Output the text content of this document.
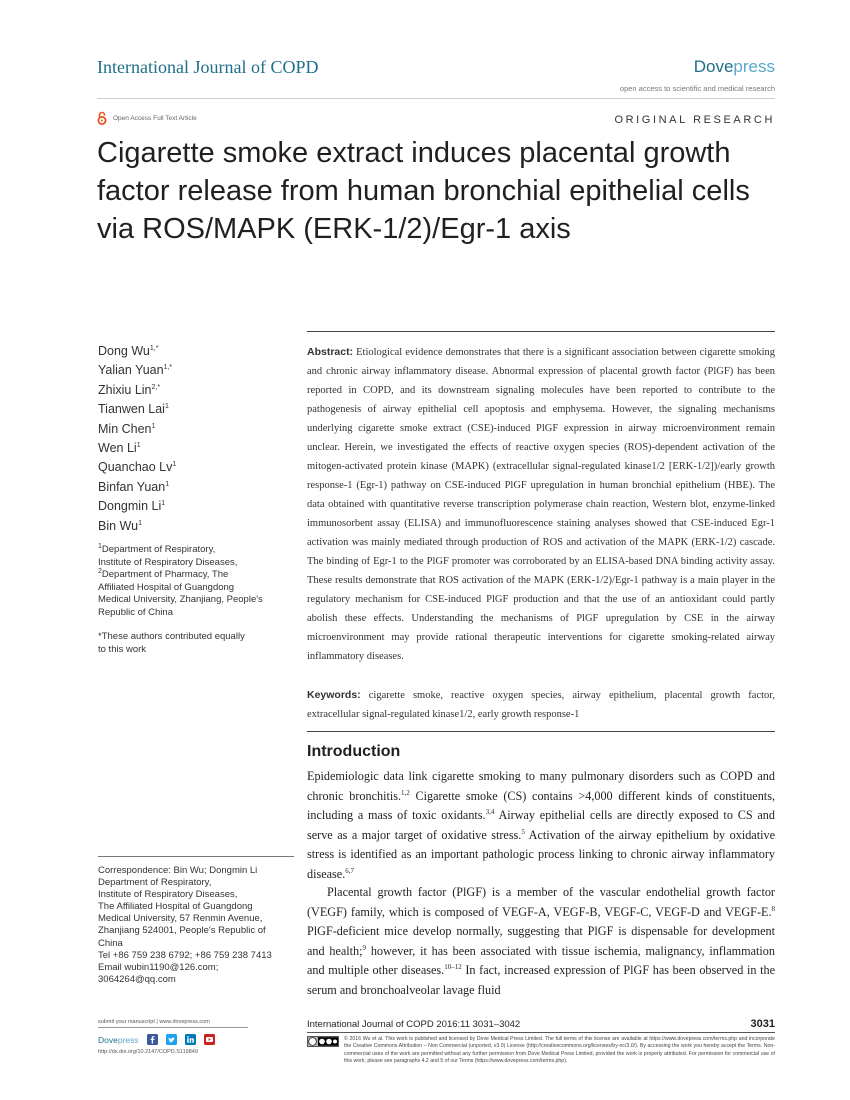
International Journal of COPD	Dovepress
open access to scientific and medical research
Open Access Full Text Article	ORIGINAL RESEARCH
Cigarette smoke extract induces placental growth factor release from human bronchial epithelial cells via ROS/MAPK (ERK-1/2)/Egr-1 axis
Dong $Wu^{1,*}$
Yalian Yuan$^{1,*}$
Zhixiu Lin$^{2,*}$
Tianwen Lai$^1$
Min Chen$^1$
Wen Li$^1$
Quanchao Lv$^1$
Binfan Yuan$^1$
Dongmin Li$^1$
Bin Wu$^1$
$^1$Department of Respiratory,
Institute of Respiratory Diseases,
$^2$Department of Pharmacy, The
Affiliated Hospital of Guangdong
Medical University, Zhanjiang, People's
Republic of China
*These authors contributed equally
to this work
Correspondence: Bin Wu; Dongmin Li
Department of Respiratory,
Institute of Respiratory Diseases,
The Affiliated Hospital of Guangdong
Medical University, 57 Renmin Avenue,
Zhanjiang 524001, People's Republic of
China
Tel +86 759 238 6792; +86 759 238 7413
Email wubin1190@126.com;
3064264@qq.com

Abstract: Etiological evidence demonstrates that there is a significant association between cigarette smoking and chronic airway inflammatory disease. Abnormal expression of placental growth factor (PlGF) has been reported in COPD, and its downstream signaling molecules have been reported to contribute to the pathogenesis of airway epithelial cell apoptosis and emphysema. However, the signaling mechanisms underlying cigarette smoke extract (CSE)-induced PlGF expression in airway microenvironment remain unclear. Herein, we investigated the effects of reactive oxygen species (ROS)-dependent activation of the mitogen-activated protein kinase (MAPK) (extracellular signal-regulated kinase1/2 [ERK-1/2])/early growth response-1 (Egr-1) pathway on CSE-induced PlGF upregulation in human bronchial epithelium (HBE). The data obtained with quantitative reverse transcription polymerase chain reaction, Western blot, enzyme-linked immunosorbent assay (ELISA) and immunofluorescence staining analyses showed that CSE-induced Egr-1 activation was mainly mediated through production of ROS and activation of the MAPK (ERK-1/2) cascade. The binding of Egr-1 to the PlGF promoter was corroborated by an ELISA-based DNA binding activity assay. These results demonstrate that ROS activation of the MAPK (ERK-1/2)/Egr-1 pathway is a main player in the regulatory mechanism for CSE-induced PlGF production and that the use of an antioxidant could partly abolish these effects. Understanding the mechanisms of PlGF upregulation by CSE in the airway microenvironment may provide rational therapeutic interventions for cigarette smoking-related airway inflammatory diseases.

Keywords: cigarette smoke, reactive oxygen species, airway epithelium, placental growth factor, extracellular signal-regulated kinase1/2, early growth response-1

Introduction

Epidemiologic data link cigarette smoking to many pulmonary disorders such as COPD and chronic bronchitis.$^{1,2}$ Cigarette smoke (CS) contains >4,000 different kinds of constituents, including a mass of toxic oxidants.$^{3,4}$ Airway epithelial cells are directly exposed to CS and serve as a major target of oxidative stress.$^5$ Activation of the airway epithelium by oxidative stress is identified as an important pathologic process linking to chronic airway inflammatory disease.$^{6,7}$

Placental growth factor (PlGF) is a member of the vascular endothelial growth factor (VEGF) family, which is composed of VEGF-A, VEGF-B, VEGF-C, VEGF-D and VEGF-E.$^8$ PlGF-deficient mice develop normally, suggesting that PlGF is dispensable for development and health;$^9$ however, it has been associated with tissue ischemia, malignancy, inflammation and multiple other diseases.$^{10-12}$ In fact, increased expression of PlGF has been observed in the serum and bronchoalveolar lavage fluid

submit your manuscript | www.dovepress.com
Dovepress
http://dx.doi.org/10.2147/COPD.S119849
International Journal of COPD 2016:11 3031–3042	3031
© 2016 Wu et al. This work is published and licensed by Dove Medical Press Limited. The full terms of this license are available at https://www.dovepress.com/terms.php and incorporate the Creative Commons Attribution – Non Commercial (unported, v3.0) License (http://creativecommons.org/licenses/by-nc/3.0/). By accessing the work you hereby accept the Terms. Non-commercial uses of the work are permitted without any further permission from Dove Medical Press Limited, provided the work is properly attributed. For permission for commercial use of this work, please see paragraphs 4.2 and 5 of our Terms (https://www.dovepress.com/terms.php).
